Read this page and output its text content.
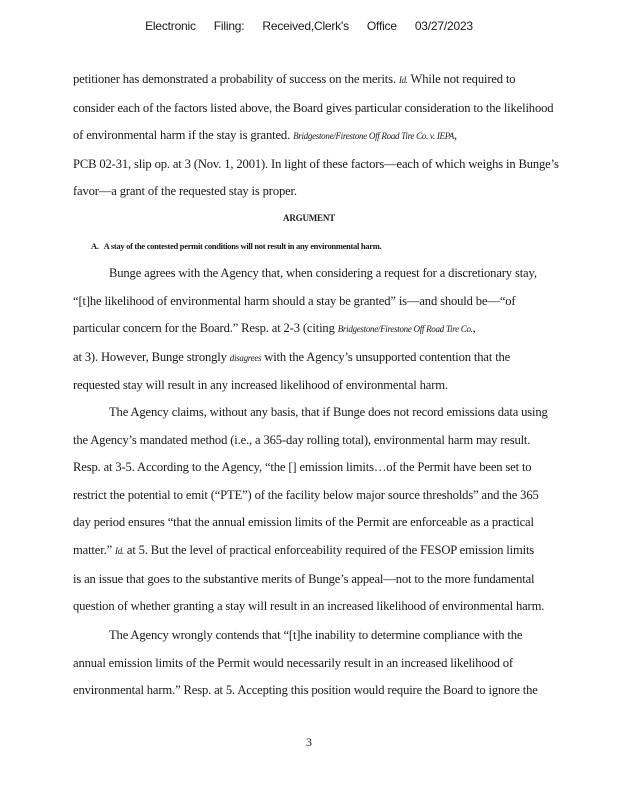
Electronic Filing: Received,Clerk's Office 03/27/2023
petitioner has demonstrated a probability of success on the merits. Id. While not required to
consider each of the factors listed above, the Board gives particular consideration to the likelihood
of environmental harm if the stay is granted. Bridgestone/Firestone Off Road Tire Co. v. IEPA,
PCB 02-31, slip op. at 3 (Nov. 1, 2001). In light of these factors—each of which weighs in Bunge’s
favor—a grant of the requested stay is proper.
ARGUMENT
A.   A stay of the contested permit conditions will not result in any environmental harm.
Bunge agrees with the Agency that, when considering a request for a discretionary stay,
“[t]he likelihood of environmental harm should a stay be granted” is—and should be—“of
particular concern for the Board.” Resp. at 2-3 (citing Bridgestone/Firestone Off Road Tire Co.,
at 3). However, Bunge strongly disagrees with the Agency’s unsupported contention that the
requested stay will result in any increased likelihood of environmental harm.
The Agency claims, without any basis, that if Bunge does not record emissions data using
the Agency’s mandated method (i.e., a 365-day rolling total), environmental harm may result.
Resp. at 3-5. According to the Agency, “the [] emission limits…of the Permit have been set to
restrict the potential to emit (“PTE”) of the facility below major source thresholds” and the 365
day period ensures “that the annual emission limits of the Permit are enforceable as a practical
matter.” Id. at 5. But the level of practical enforceability required of the FESOP emission limits
is an issue that goes to the substantive merits of Bunge’s appeal—not to the more fundamental
question of whether granting a stay will result in an increased likelihood of environmental harm.
The Agency wrongly contends that “[t]he inability to determine compliance with the
annual emission limits of the Permit would necessarily result in an increased likelihood of
environmental harm.” Resp. at 5. Accepting this position would require the Board to ignore the
3
